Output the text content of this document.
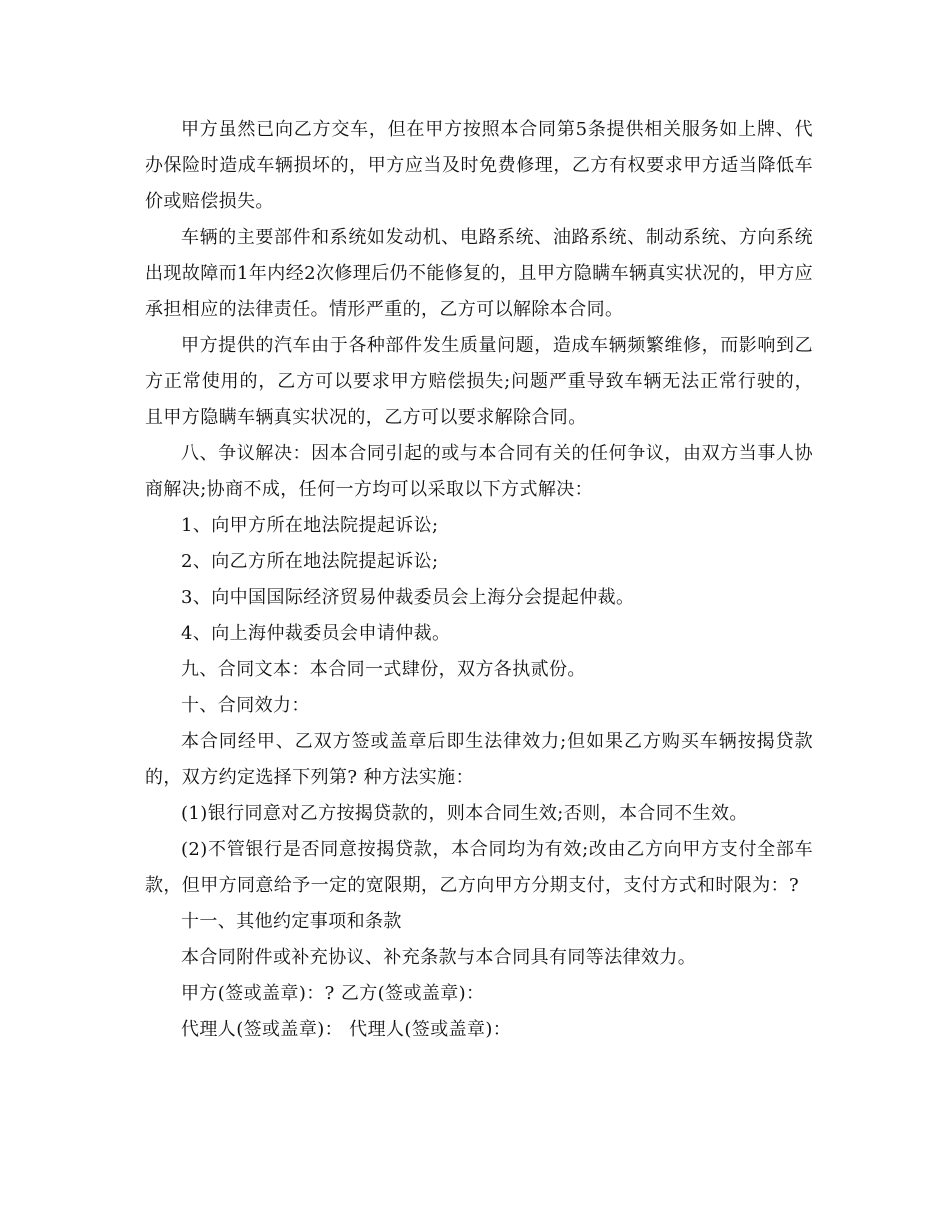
甲方虽然已向乙方交车，但在甲方按照本合同第5条提供相关服务如上牌、代办保险时造成车辆损坏的，甲方应当及时免费修理，乙方有权要求甲方适当降低车价或赔偿损失。

车辆的主要部件和系统如发动机、电路系统、油路系统、制动系统、方向系统出现故障而1年内经2次修理后仍不能修复的，且甲方隐瞒车辆真实状况的，甲方应承担相应的法律责任。情形严重的，乙方可以解除本合同。

甲方提供的汽车由于各种部件发生质量问题，造成车辆频繁维修，而影响到乙方正常使用的，乙方可以要求甲方赔偿损失;问题严重导致车辆无法正常行驶的，且甲方隐瞒车辆真实状况的，乙方可以要求解除合同。

八、争议解决：因本合同引起的或与本合同有关的任何争议，由双方当事人协商解决;协商不成，任何一方均可以采取以下方式解决：

1、向甲方所在地法院提起诉讼;

2、向乙方所在地法院提起诉讼;

3、向中国国际经济贸易仲裁委员会上海分会提起仲裁。

4、向上海仲裁委员会申请仲裁。

九、合同文本：本合同一式肆份，双方各执贰份。

十、合同效力：

本合同经甲、乙双方签或盖章后即生法律效力;但如果乙方购买车辆按揭贷款的，双方约定选择下列第? 种方法实施：

(1)银行同意对乙方按揭贷款的，则本合同生效;否则，本合同不生效。

(2)不管银行是否同意按揭贷款，本合同均为有效;改由乙方向甲方支付全部车款，但甲方同意给予一定的宽限期，乙方向甲方分期支付，支付方式和时限为：?

十一、其他约定事项和条款

本合同附件或补充协议、补充条款与本合同具有同等法律效力。

甲方(签或盖章)：? 乙方(签或盖章)：

代理人(签或盖章)： 代理人(签或盖章)：
